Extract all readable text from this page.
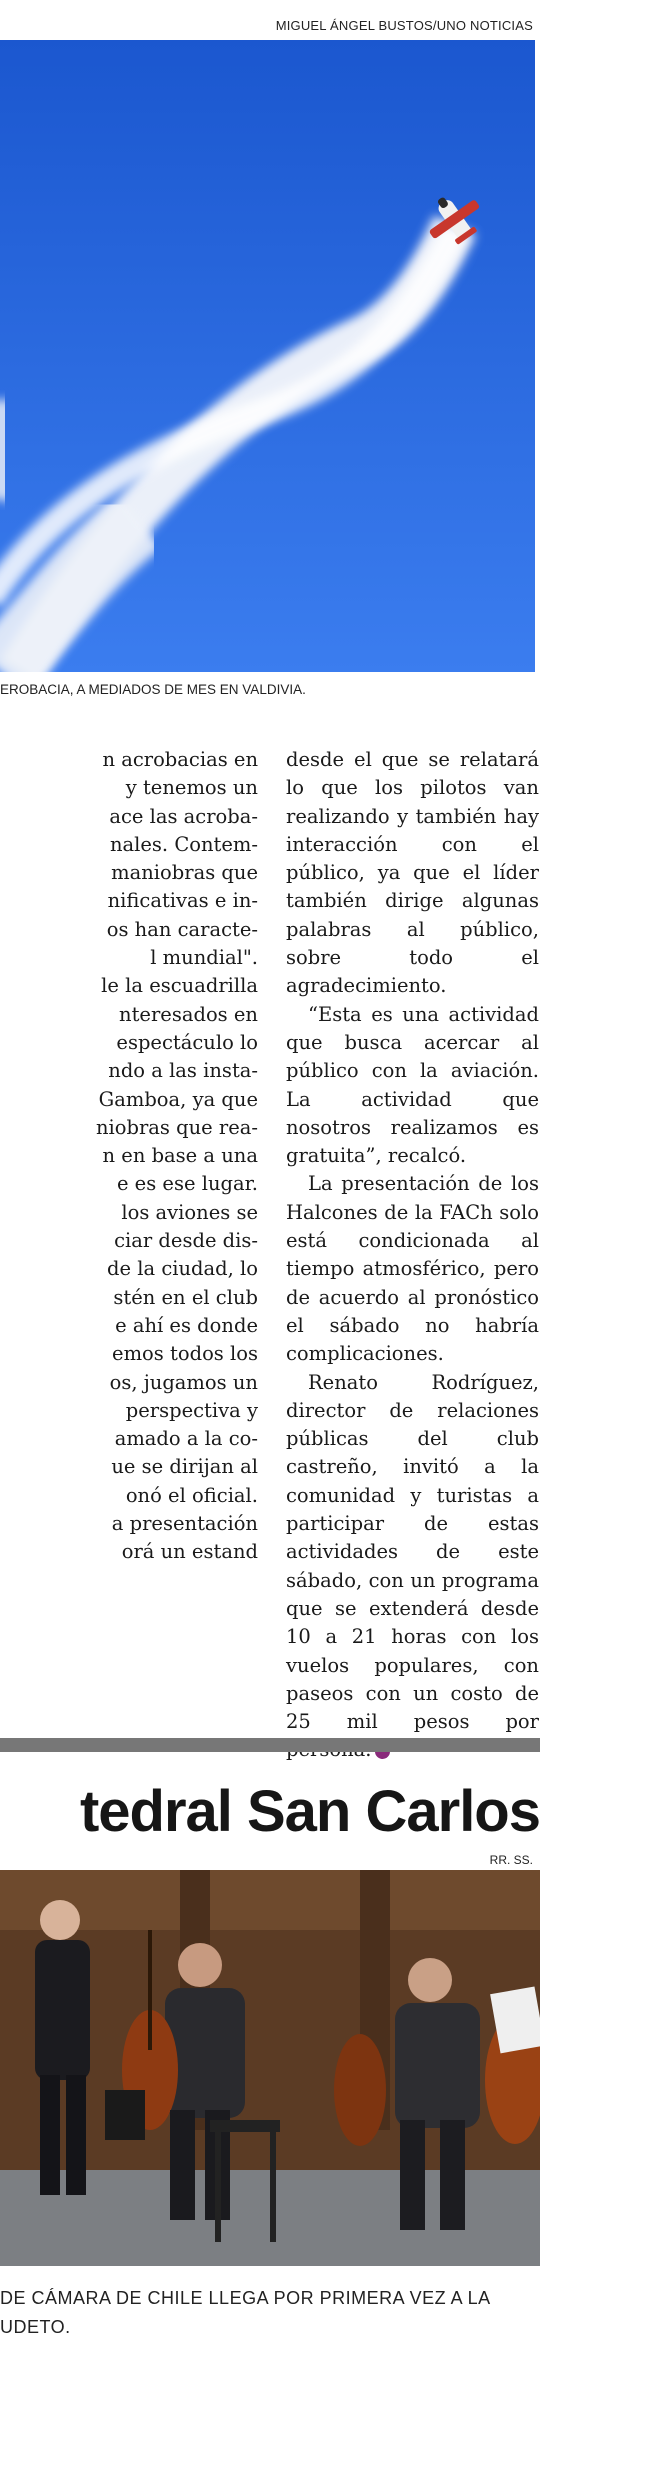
MIGUEL ÁNGEL BUSTOS/UNO NOTICIAS
EROBACIA, A MEDIADOS DE MES EN VALDIVIA.

n acrobacias en

y tenemos un

ace las acroba-

nales. Contem-

maniobras que

nificativas e in-

os han caracte-

l mundial".

le la escuadrilla

nteresados en

espectáculo lo

ndo a las insta-

Gamboa, ya que

niobras que rea-

n en base a una

e es ese lugar.

los aviones se

ciar desde dis-

de la ciudad, lo

stén en el club

e ahí es donde

emos todos los

os, jugamos un

perspectiva y

amado a la co-

ue se dirijan al

onó el oficial.

a presentación

orá un estand

desde el que se relatará lo que los pilotos van realizando y también hay interacción con el público, ya que el líder también dirige algunas palabras al público, sobre todo el agradecimiento.

“Esta es una actividad que busca acercar al público con la aviación. La actividad que nosotros realizamos es gratuita”, recalcó.

La presentación de los Halcones de la FACh solo está condicionada al tiempo atmosférico, pero de acuerdo al pronóstico el sábado no habría complicaciones.

Renato Rodríguez, director de relaciones públicas del club castreño, invitó a la comunidad y turistas a participar de estas actividades de este sábado, con un programa que se extenderá desde 10 a 21 horas con los vuelos populares, con paseos con un costo de 25 mil pesos por

tedral San Carlos
RR. SS.
DE CÁMARA DE CHILE LLEGA POR PRIMERA VEZ A LA
UDETO.
